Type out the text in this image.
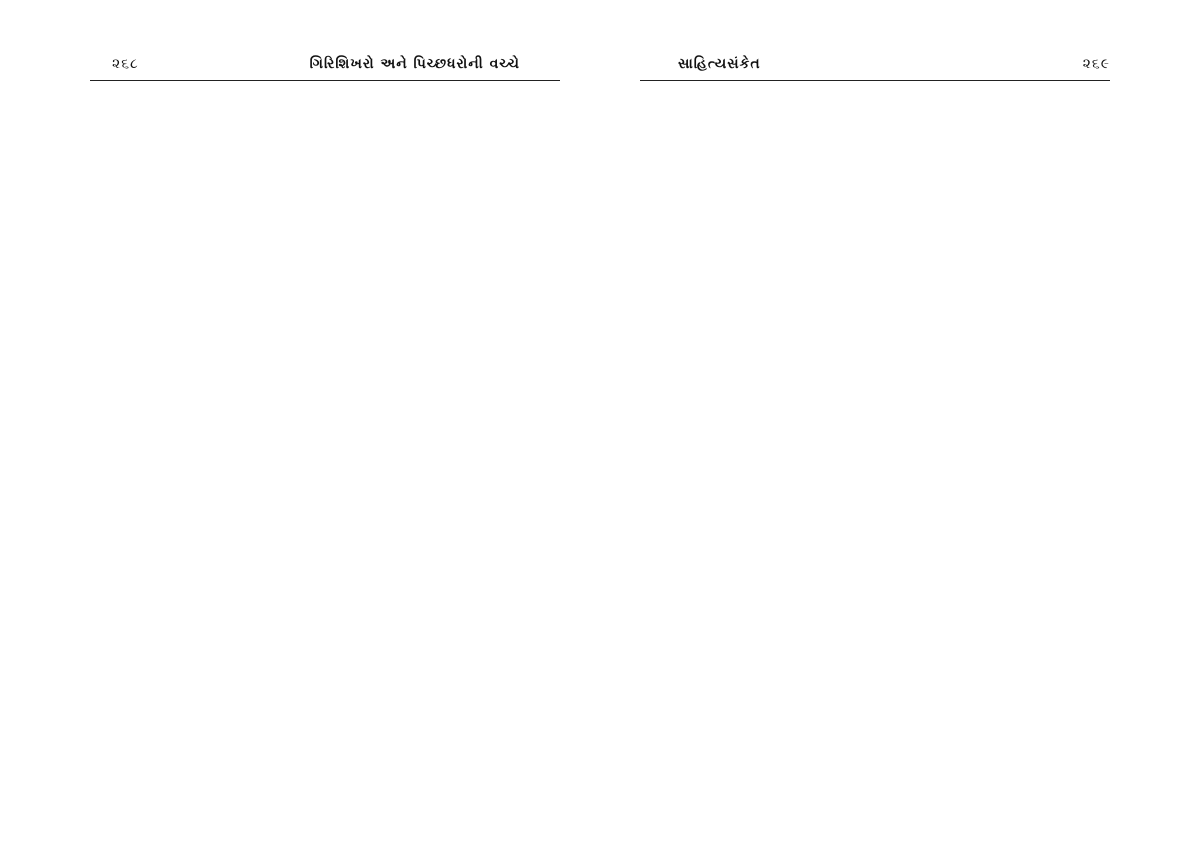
૨૬૮	ગિરિશિખરો અને પિચ્છધરોની વચ્ચે	સાહિત્યસંકેત	૨૬૯
